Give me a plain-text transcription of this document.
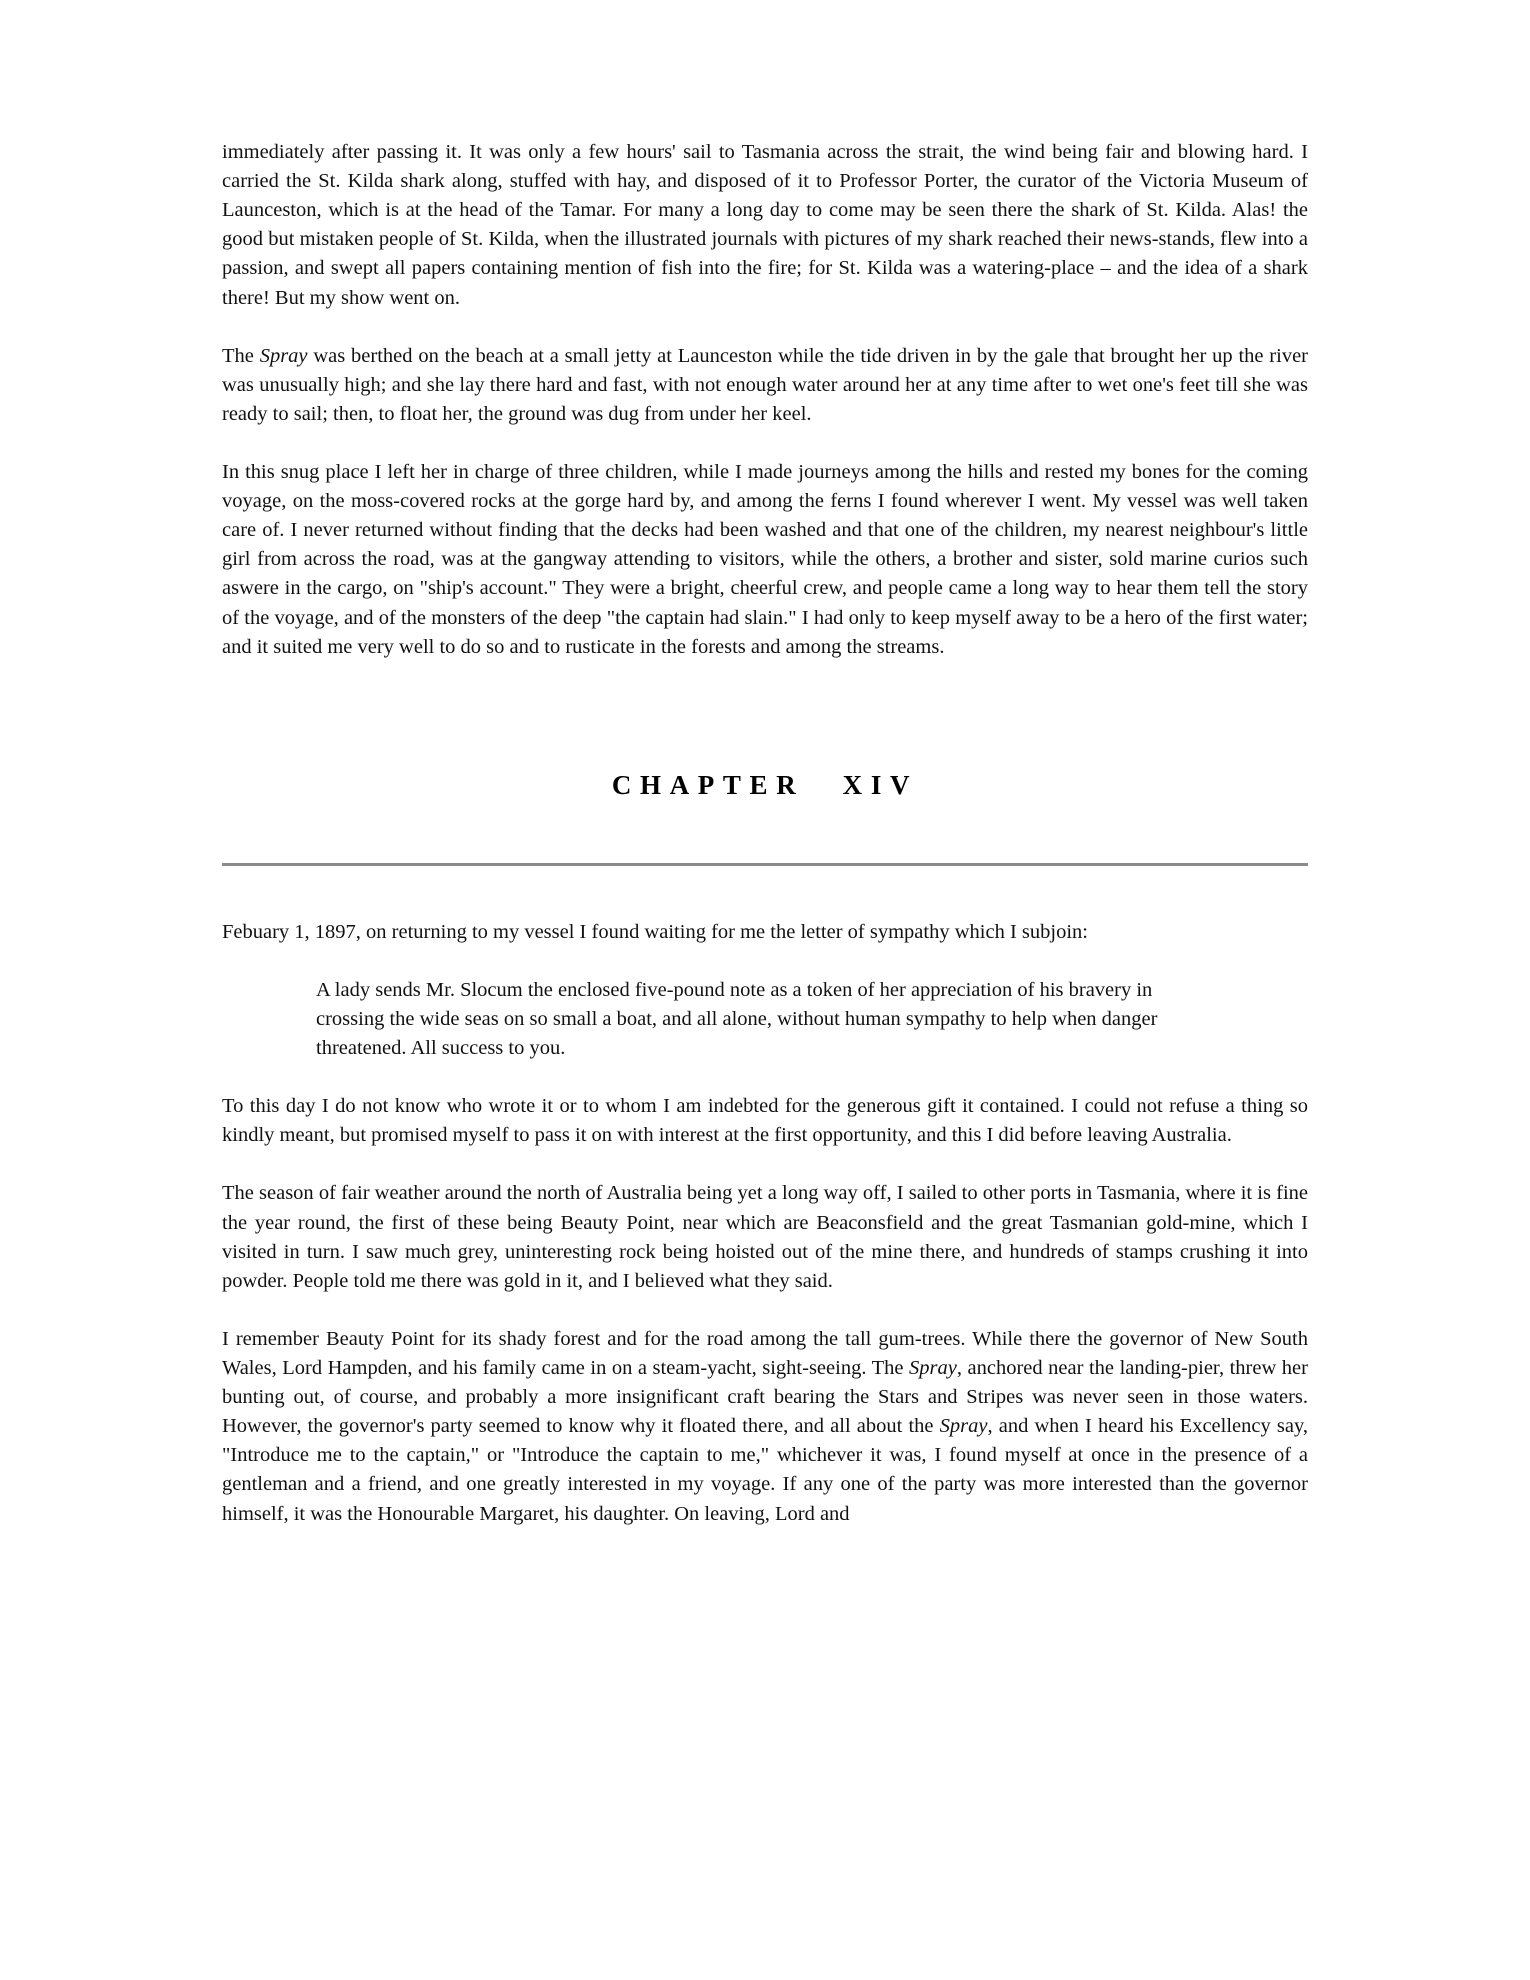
immediately after passing it. It was only a few hours' sail to Tasmania across the strait, the wind being fair and blowing hard. I carried the St. Kilda shark along, stuffed with hay, and disposed of it to Professor Porter, the curator of the Victoria Museum of Launceston, which is at the head of the Tamar. For many a long day to come may be seen there the shark of St. Kilda. Alas! the good but mistaken people of St. Kilda, when the illustrated journals with pictures of my shark reached their news-stands, flew into a passion, and swept all papers containing mention of fish into the fire; for St. Kilda was a watering-place – and the idea of a shark there! But my show went on.

The Spray was berthed on the beach at a small jetty at Launceston while the tide driven in by the gale that brought her up the river was unusually high; and she lay there hard and fast, with not enough water around her at any time after to wet one's feet till she was ready to sail; then, to float her, the ground was dug from under her keel.

In this snug place I left her in charge of three children, while I made journeys among the hills and rested my bones for the coming voyage, on the moss-covered rocks at the gorge hard by, and among the ferns I found wherever I went. My vessel was well taken care of. I never returned without finding that the decks had been washed and that one of the children, my nearest neighbour's little girl from across the road, was at the gangway attending to visitors, while the others, a brother and sister, sold marine curios such aswere in the cargo, on "ship's account." They were a bright, cheerful crew, and people came a long way to hear them tell the story of the voyage, and of the monsters of the deep "the captain had slain." I had only to keep myself away to be a hero of the first water; and it suited me very well to do so and to rusticate in the forests and among the streams.

CHAPTER XIV

Febuary 1, 1897, on returning to my vessel I found waiting for me the letter of sympathy which I subjoin:

A lady sends Mr. Slocum the enclosed five-pound note as a token of her appreciation of his bravery in crossing the wide seas on so small a boat, and all alone, without human sympathy to help when danger threatened. All success to you.

To this day I do not know who wrote it or to whom I am indebted for the generous gift it contained. I could not refuse a thing so kindly meant, but promised myself to pass it on with interest at the first opportunity, and this I did before leaving Australia.

The season of fair weather around the north of Australia being yet a long way off, I sailed to other ports in Tasmania, where it is fine the year round, the first of these being Beauty Point, near which are Beaconsfield and the great Tasmanian gold-mine, which I visited in turn. I saw much grey, uninteresting rock being hoisted out of the mine there, and hundreds of stamps crushing it into powder. People told me there was gold in it, and I believed what they said.

I remember Beauty Point for its shady forest and for the road among the tall gum-trees. While there the governor of New South Wales, Lord Hampden, and his family came in on a steam-yacht, sight-seeing. The Spray, anchored near the landing-pier, threw her bunting out, of course, and probably a more insignificant craft bearing the Stars and Stripes was never seen in those waters. However, the governor's party seemed to know why it floated there, and all about the Spray, and when I heard his Excellency say, "Introduce me to the captain," or "Introduce the captain to me," whichever it was, I found myself at once in the presence of a gentleman and a friend, and one greatly interested in my voyage. If any one of the party was more interested than the governor himself, it was the Honourable Margaret, his daughter. On leaving, Lord and
